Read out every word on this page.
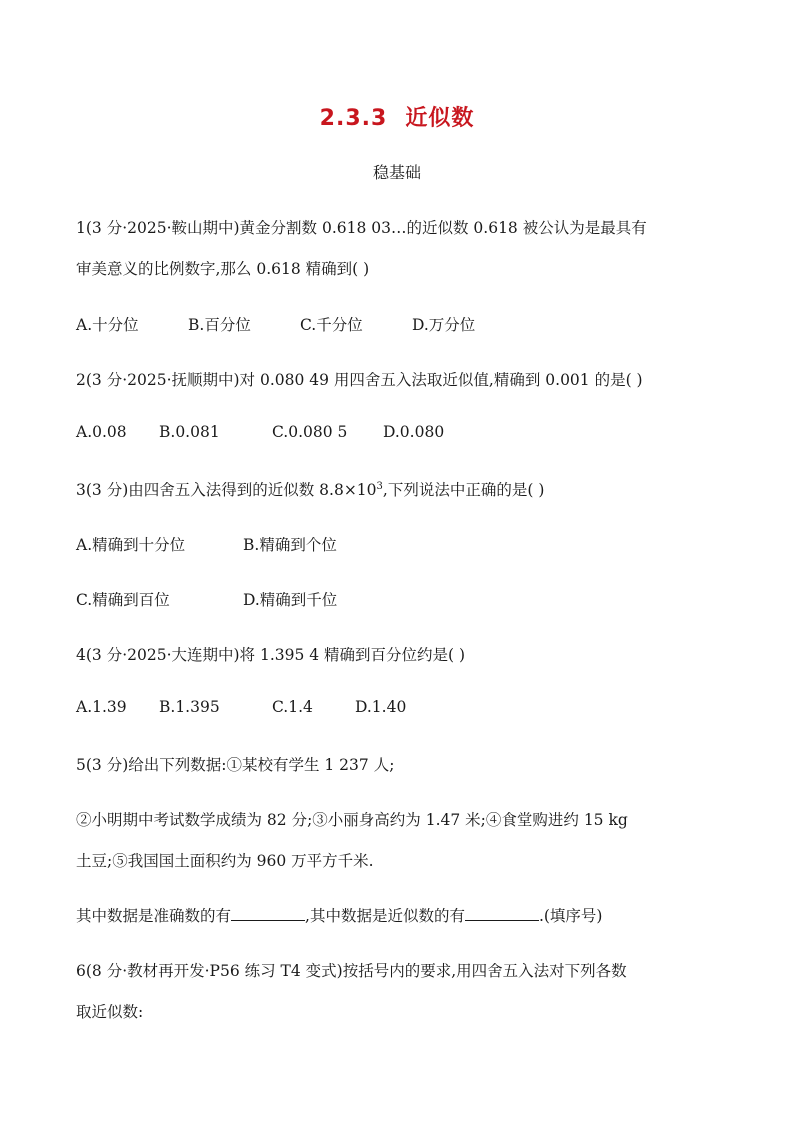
2.3.3 近似数
稳基础
1(3 分·2025·鞍山期中)黄金分割数 0.618 03…的近似数 0.618 被公认为是最具有
审美意义的比例数字,那么 0.618 精确到( )
A.十分位	B.百分位	C.千分位	D.万分位
2(3 分·2025·抚顺期中)对 0.080 49 用四舍五入法取近似值,精确到 0.001 的是( )
A.0.08 B.0.081	C.0.080 5 D.0.080
3(3 分)由四舍五入法得到的近似数 $8.8\times 10^3$,下列说法中正确的是( )
A.精确到十分位	B.精确到个位
C.精确到百位	D.精确到千位
4(3 分·2025·大连期中)将 1.395 4 精确到百分位约是( )
A.1.39 B.1.395	C.1.4	D.1.40
5(3 分)给出下列数据:①某校有学生 1 237 人;
②小明期中考试数学成绩为 82 分;③小丽身高约为 1.47 米;④食堂购进约 15 kg
土豆;⑤我国国土面积约为 960 万平方千米.
其中数据是准确数的有	,其中数据是近似数的有	.(填序号)
6(8 分·教材再开发·P56 练习 T4 变式)按括号内的要求,用四舍五入法对下列各数
取近似数:
